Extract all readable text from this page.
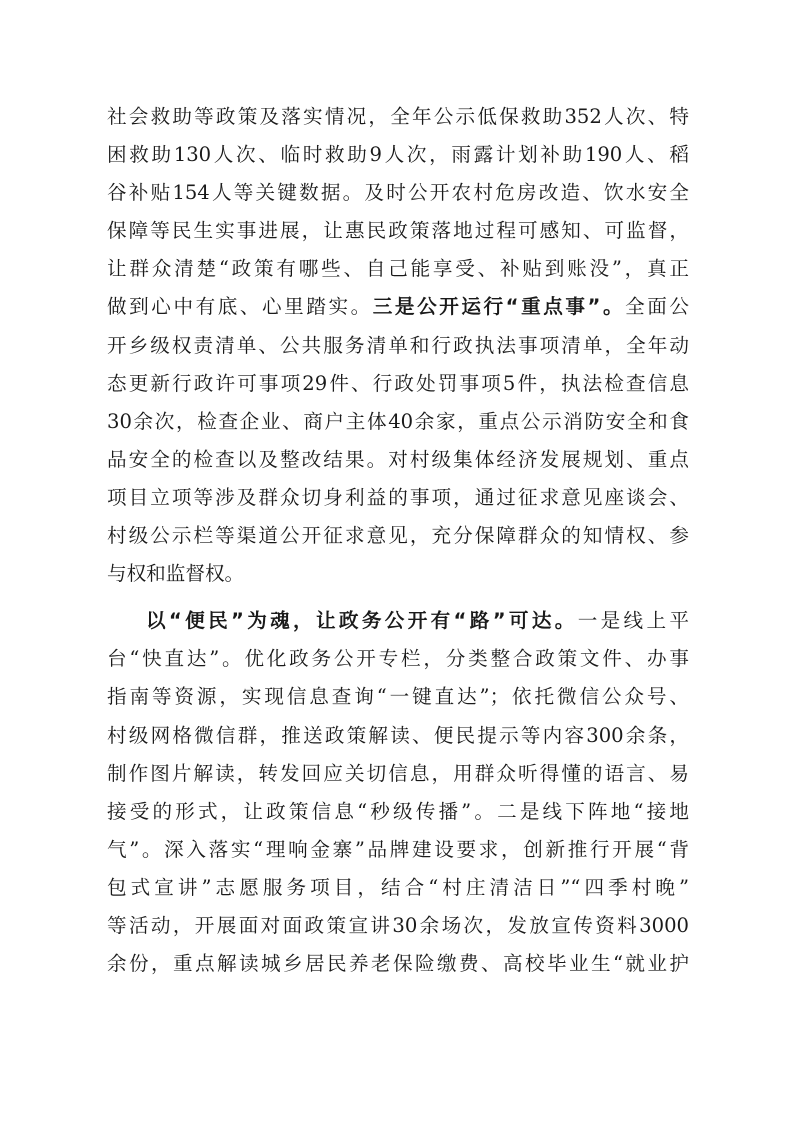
社会救助等政策及落实情况，全年公示低保救助352人次、特
困救助130人次、临时救助9人次，雨露计划补助190人、稻
谷补贴154人等关键数据。及时公开农村危房改造、饮水安全
保障等民生实事进展，让惠民政策落地过程可感知、可监督，
让群众清楚“政策有哪些、自己能享受、补贴到账没”，真正
做到心中有底、心里踏实。三是公开运行“重点事”。全面公
开乡级权责清单、公共服务清单和行政执法事项清单，全年动
态更新行政许可事项29件、行政处罚事项5件，执法检查信息
30余次，检查企业、商户主体40余家，重点公示消防安全和食
品安全的检查以及整改结果。对村级集体经济发展规划、重点
项目立项等涉及群众切身利益的事项，通过征求意见座谈会、
村级公示栏等渠道公开征求意见，充分保障群众的知情权、参
与权和监督权。
以“便民”为魂，让政务公开有“路”可达。一是线上平
台“快直达”。优化政务公开专栏，分类整合政策文件、办事
指南等资源，实现信息查询“一键直达”；依托微信公众号、
村级网格微信群，推送政策解读、便民提示等内容300余条，
制作图片解读，转发回应关切信息，用群众听得懂的语言、易
接受的形式，让政策信息“秒级传播”。二是线下阵地“接地
气”。深入落实“理响金寨”品牌建设要求，创新推行开展“背
包式宣讲”志愿服务项目，结合“村庄清洁日”“四季村晚”
等活动，开展面对面政策宣讲30余场次，发放宣传资料3000
余份，重点解读城乡居民养老保险缴费、高校毕业生“就业护
